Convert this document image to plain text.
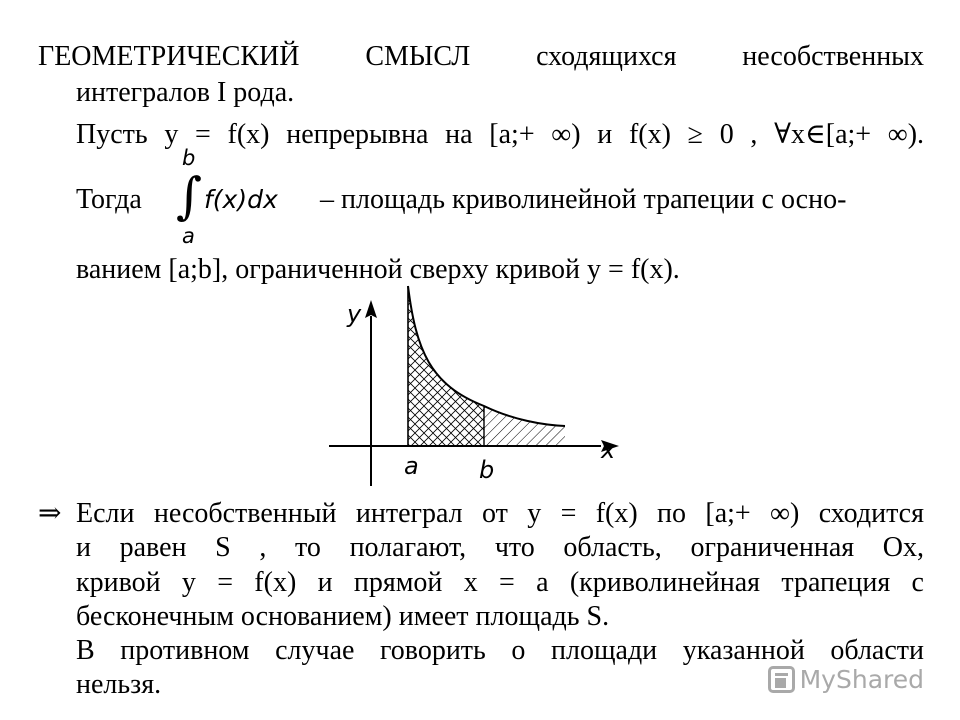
ГЕОМЕТРИЧЕСКИЙ СМЫСЛ сходящихся несобственных
интегралов I рода.
Пусть y = f(x) непрерывна на [a;+ ∞) и f(x) ≥ 0 , ∀x∈[a;+ ∞).
Тогда
b
∫
a
f(x)dx – площадь криволинейной трапеции с осно-
ванием [a;b], ограниченной сверху кривой y = f(x).
y
x
a	b
⇒ Если несобственный интеграл от y = f(x) по [a;+ ∞) сходится
и равен S , то полагают, что область, ограниченная Ox,
кривой y = f(x) и прямой x = a (криволинейная трапеция с
бесконечным основанием) имеет площадь S.
В противном случае говорить о площади указанной области
нельзя.	MyShared
